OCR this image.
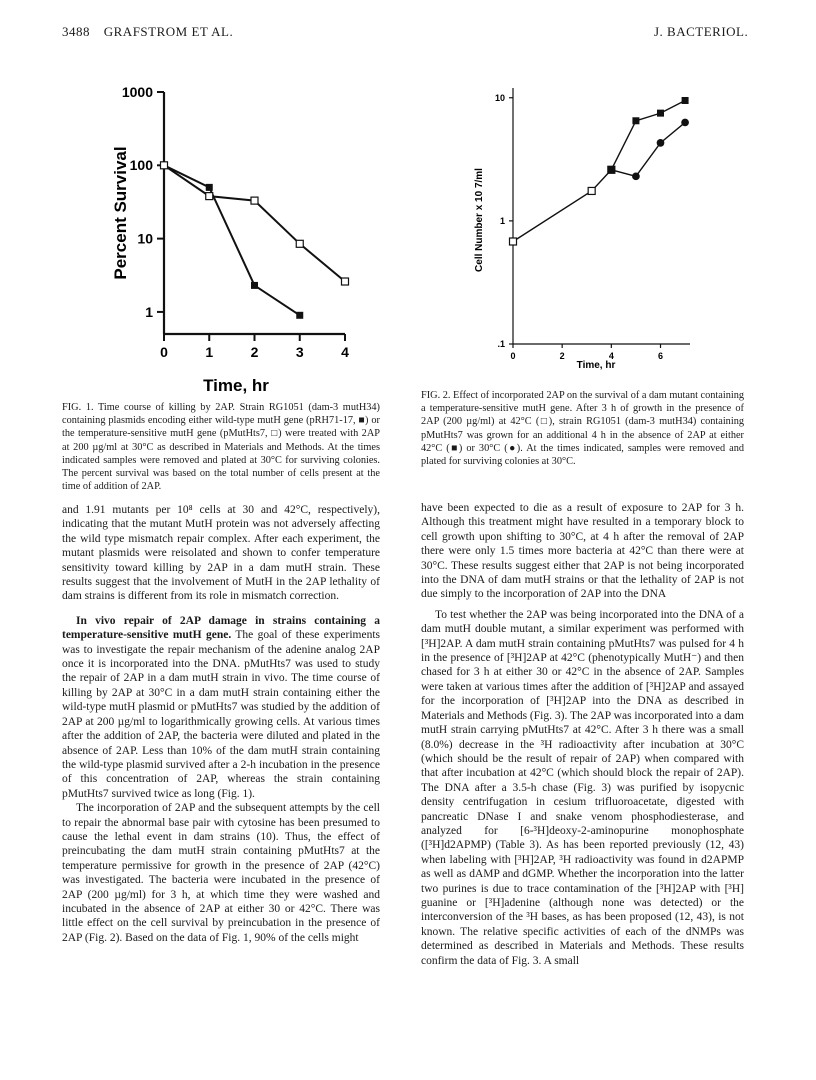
3488 GRAFSTROM ET AL.	J. BACTERIOL.
Percent Survival
Time, hr
1
10
100
1000
0	1	2	3	4
Cell Number x 10 7/ml
Time, hr
.1
1
10
0	2	4	6
FIG. 1. Time course of killing by 2AP. Strain RG1051 (dam-3 mutH34) containing plasmids encoding either wild-type mutH gene (pRH71-17, ■) or the temperature-sensitive mutH gene (pMutHts7, □) were treated with 2AP at 200 µg/ml at 30°C as described in Materials and Methods. At the times indicated samples were removed and plated at 30°C for surviving colonies. The percent survival was based on the total number of cells present at the time of addition of 2AP.
FIG. 2. Effect of incorporated 2AP on the survival of a dam mutant containing a temperature-sensitive mutH gene. After 3 h of growth in the presence of 2AP (200 µg/ml) at 42°C (□), strain RG1051 (dam-3 mutH34) containing pMutHts7 was grown for an additional 4 h in the absence of 2AP at either 42°C (■) or 30°C (●). At the times indicated, samples were removed and plated for surviving colonies at 30°C.

and 1.91 mutants per 10⁸ cells at 30 and 42°C, respectively), indicating that the mutant MutH protein was not adversely affecting the wild type mismatch repair complex. After each experiment, the mutant plasmids were reisolated and shown to confer temperature sensitivity toward killing by 2AP in a dam mutH strain. These results suggest that the involvement of MutH in the 2AP lethality of dam strains is different from its role in mismatch correction.

In vivo repair of 2AP damage in strains containing a temperature-sensitive mutH gene. The goal of these experiments was to investigate the repair mechanism of the adenine analog 2AP once it is incorporated into the DNA. pMutHts7 was used to study the repair of 2AP in a dam mutH strain in vivo. The time course of killing by 2AP at 30°C in a dam mutH strain containing either the wild-type mutH plasmid or pMutHts7 was studied by the addition of 2AP at 200 µg/ml to logarithmically growing cells. At various times after the addition of 2AP, the bacteria were diluted and plated in the absence of 2AP. Less than 10% of the dam mutH strain containing the wild-type plasmid survived after a 2-h incubation in the presence of this concentration of 2AP, whereas the strain containing pMutHts7 survived twice as long (Fig. 1).

The incorporation of 2AP and the subsequent attempts by the cell to repair the abnormal base pair with cytosine has been presumed to cause the lethal event in dam strains (10). Thus, the effect of preincubating the dam mutH strain containing pMutHts7 at the temperature permissive for growth in the presence of 2AP (42°C) was investigated. The bacteria were incubated in the presence of 2AP (200 µg/ml) for 3 h, at which time they were washed and incubated in the absence of 2AP at either 30 or 42°C. There was little effect on the cell survival by preincubation in the presence of 2AP (Fig. 2). Based on the data of Fig. 1, 90% of the cells might

have been expected to die as a result of exposure to 2AP for 3 h. Although this treatment might have resulted in a temporary block to cell growth upon shifting to 30°C, at 4 h after the removal of 2AP there were only 1.5 times more bacteria at 42°C than there were at 30°C. These results suggest either that 2AP is not being incorporated into the DNA of dam mutH strains or that the lethality of 2AP is not due simply to the incorporation of 2AP into the DNA

To test whether the 2AP was being incorporated into the DNA of a dam mutH double mutant, a similar experiment was performed with [³H]2AP. A dam mutH strain containing pMutHts7 was pulsed for 4 h in the presence of [³H]2AP at 42°C (phenotypically MutH⁻) and then chased for 3 h at either 30 or 42°C in the absence of 2AP. Samples were taken at various times after the addition of [³H]2AP and assayed for the incorporation of [³H]2AP into the DNA as described in Materials and Methods (Fig. 3). The 2AP was incorporated into a dam mutH strain carrying pMutHts7 at 42°C. After 3 h there was a small (8.0%) decrease in the ³H radioactivity after incubation at 30°C (which should be the result of repair of 2AP) when compared with that after incubation at 42°C (which should block the repair of 2AP). The DNA after a 3.5-h chase (Fig. 3) was purified by isopycnic density centrifugation in cesium trifluoroacetate, digested with pancreatic DNase I and snake venom phosphodiesterase, and analyzed for [6-³H]deoxy-2-aminopurine monophosphate ([³H]d2APMP) (Table 3). As has been reported previously (12, 43) when labeling with [³H]2AP, ³H radioactivity was found in d2APMP as well as dAMP and dGMP. Whether the incorporation into the latter two purines is due to trace contamination of the [³H]2AP with [³H] guanine or [³H]adenine (although none was detected) or the interconversion of the ³H bases, as has been proposed (12, 43), is not known. The relative specific activities of each of the dNMPs was determined as described in Materials and Methods. These results confirm the data of Fig. 3. A small
